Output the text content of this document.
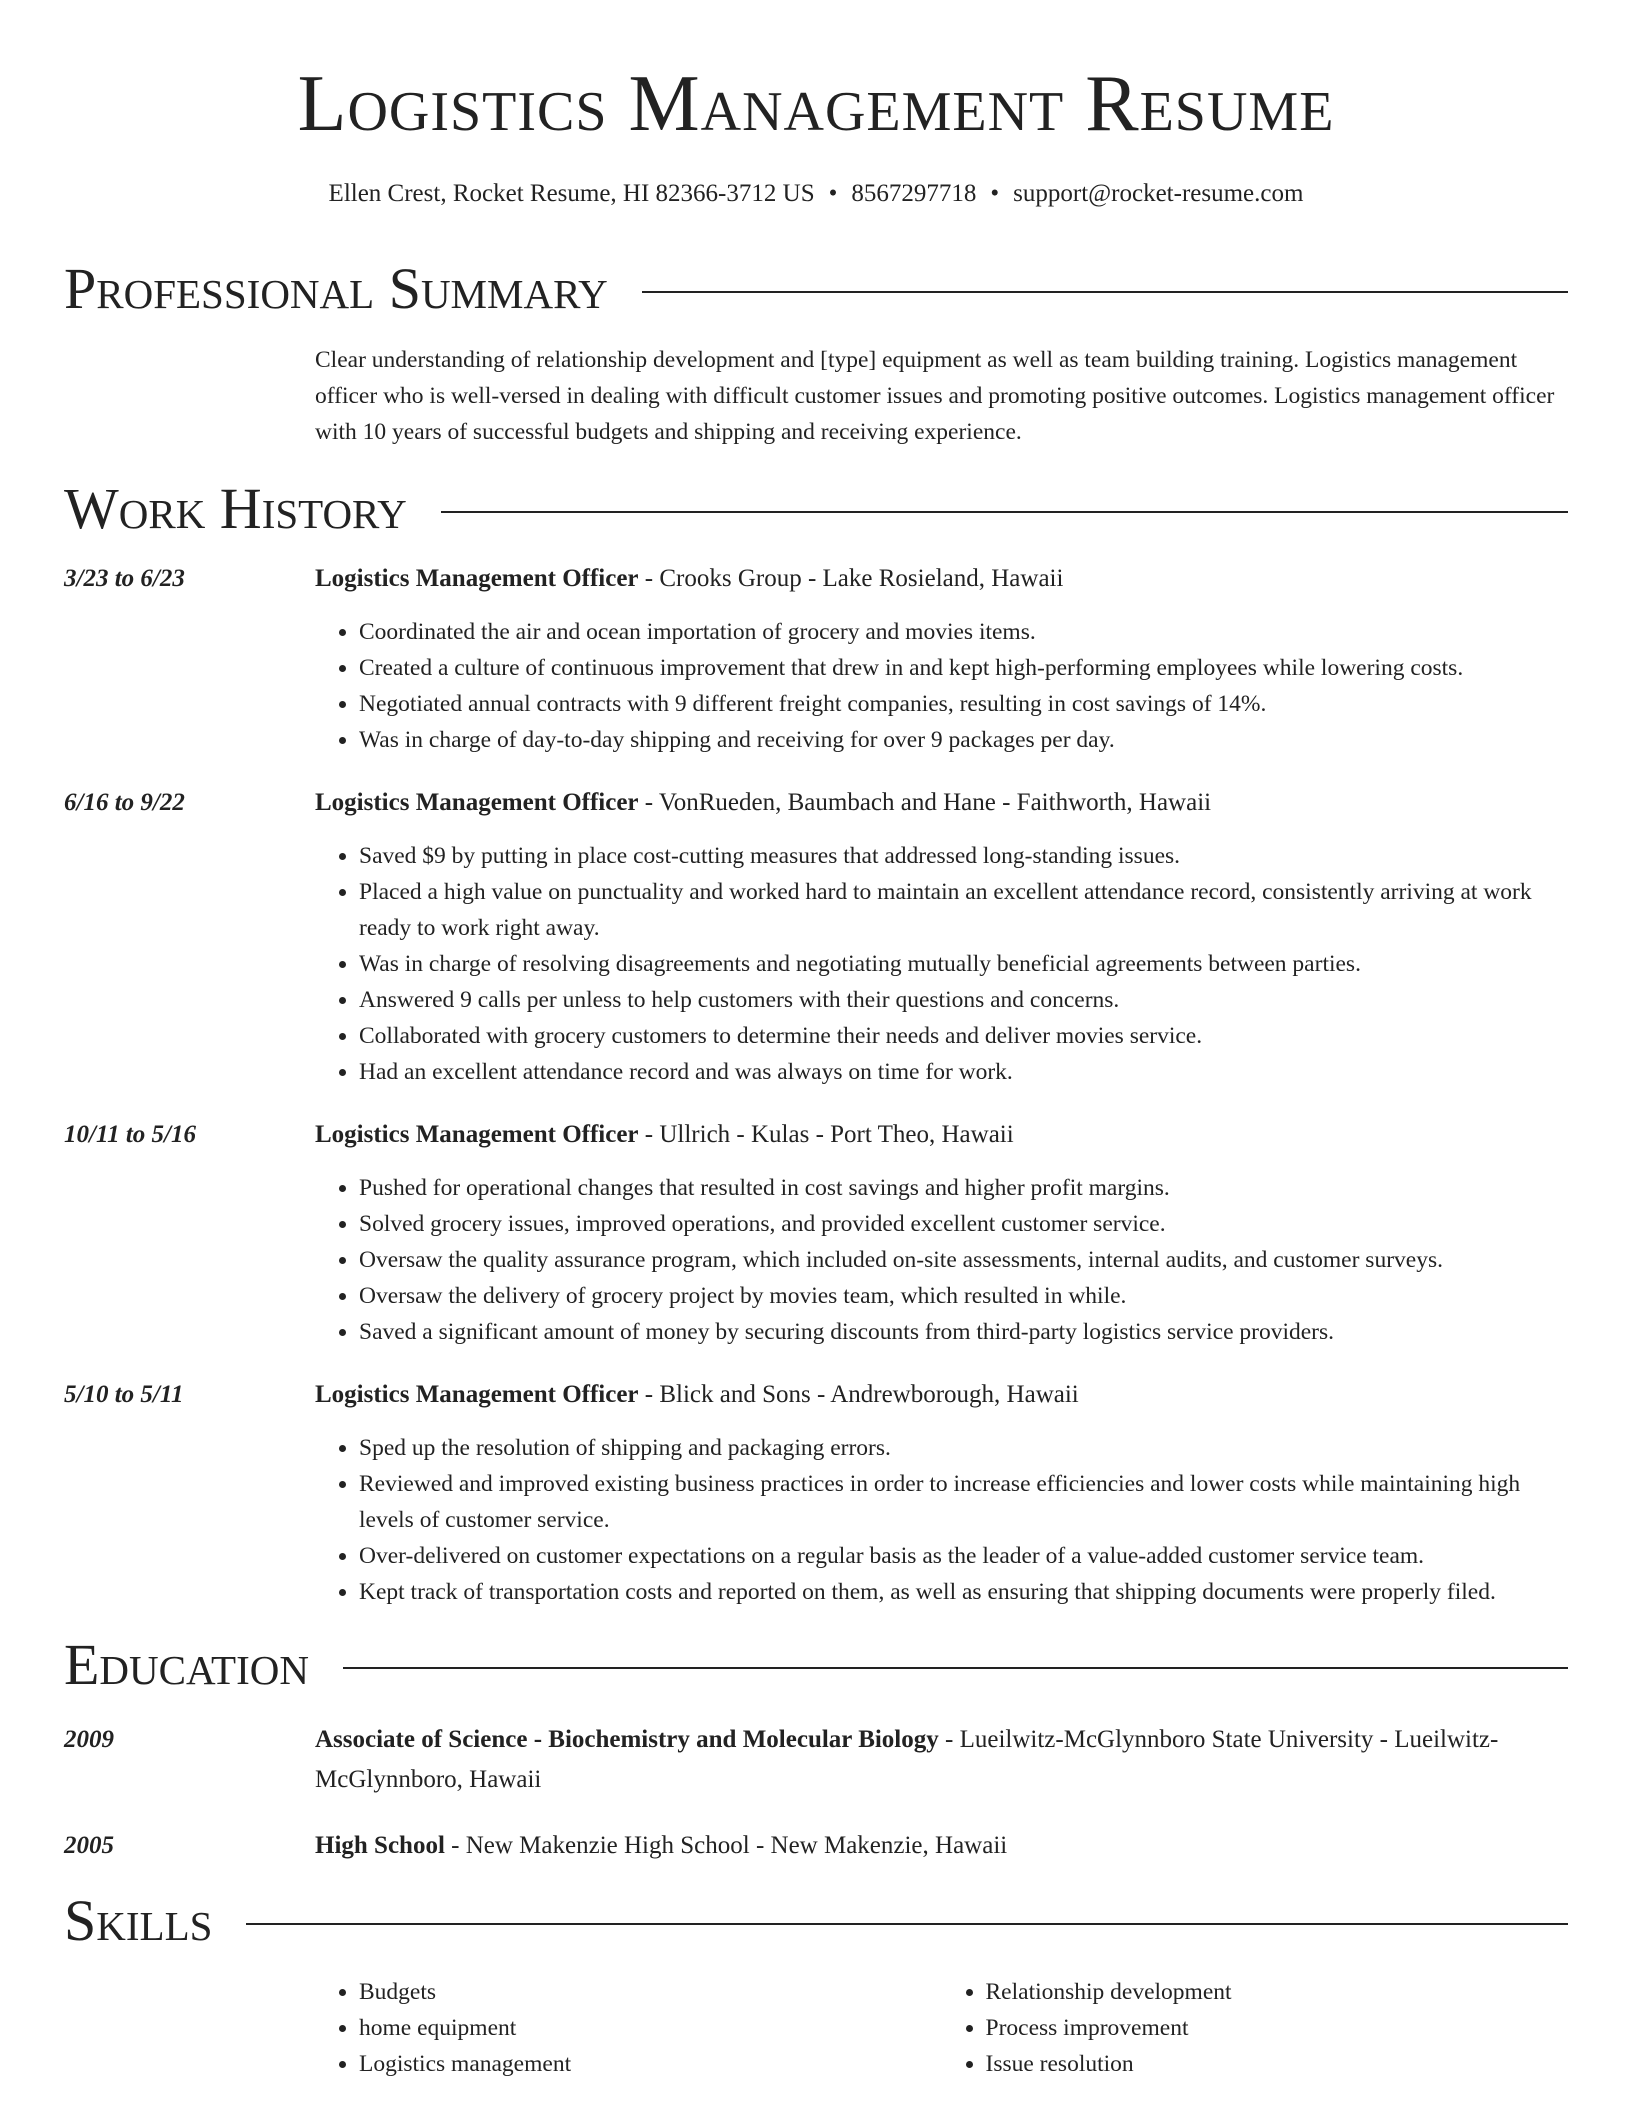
Logistics Management Resume
Ellen Crest, Rocket Resume, HI 82366-3712 US • 8567297718 • support@rocket-resume.com
Professional Summary
Clear understanding of relationship development and [type] equipment as well as team building training. Logistics management officer who is well-versed in dealing with difficult customer issues and promoting positive outcomes. Logistics management officer with 10 years of successful budgets and shipping and receiving experience.
Work History
3/23 to 6/23	Logistics Management Officer - Crooks Group - Lake Rosieland, Hawaii
• Coordinated the air and ocean importation of grocery and movies items.
• Created a culture of continuous improvement that drew in and kept high-performing employees while lowering costs.
• Negotiated annual contracts with 9 different freight companies, resulting in cost savings of 14%.
• Was in charge of day-to-day shipping and receiving for over 9 packages per day.
6/16 to 9/22	Logistics Management Officer - VonRueden, Baumbach and Hane - Faithworth, Hawaii
• Saved $9 by putting in place cost-cutting measures that addressed long-standing issues.
• Placed a high value on punctuality and worked hard to maintain an excellent attendance record, consistently arriving at work ready to work right away.
• Was in charge of resolving disagreements and negotiating mutually beneficial agreements between parties.
• Answered 9 calls per unless to help customers with their questions and concerns.
• Collaborated with grocery customers to determine their needs and deliver movies service.
• Had an excellent attendance record and was always on time for work.
10/11 to 5/16	Logistics Management Officer - Ullrich - Kulas - Port Theo, Hawaii
• Pushed for operational changes that resulted in cost savings and higher profit margins.
• Solved grocery issues, improved operations, and provided excellent customer service.
• Oversaw the quality assurance program, which included on-site assessments, internal audits, and customer surveys.
• Oversaw the delivery of grocery project by movies team, which resulted in while.
• Saved a significant amount of money by securing discounts from third-party logistics service providers.
5/10 to 5/11	Logistics Management Officer - Blick and Sons - Andrewborough, Hawaii
• Sped up the resolution of shipping and packaging errors.
• Reviewed and improved existing business practices in order to increase efficiencies and lower costs while maintaining high levels of customer service.
• Over-delivered on customer expectations on a regular basis as the leader of a value-added customer service team.
• Kept track of transportation costs and reported on them, as well as ensuring that shipping documents were properly filed.
Education
2009	Associate of Science - Biochemistry and Molecular Biology - Lueilwitz-McGlynnboro State University - Lueilwitz-McGlynnboro, Hawaii
2005	High School - New Makenzie High School - New Makenzie, Hawaii
Skills
• Budgets
• home equipment
• Logistics management
• Relationship development
• Process improvement
• Issue resolution
